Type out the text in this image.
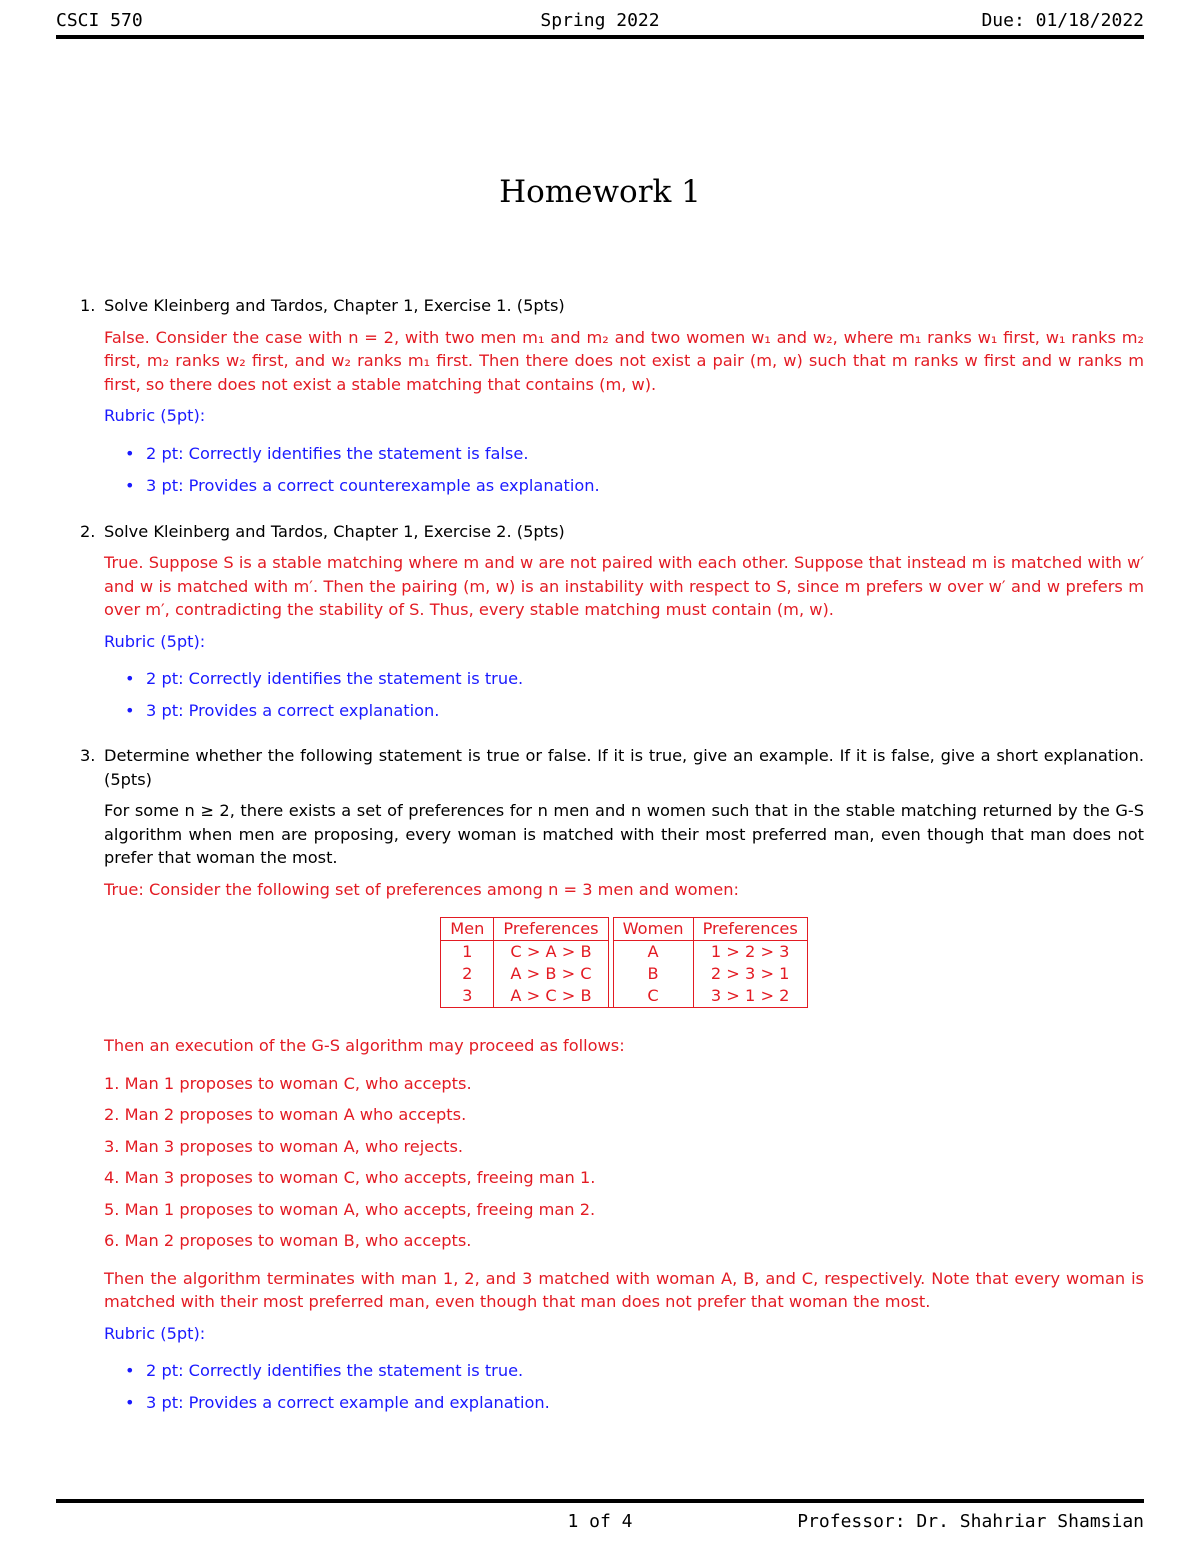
CSCI 570	Spring 2022	Due: 01/18/2022
Homework 1
1. Solve Kleinberg and Tardos, Chapter 1, Exercise 1. (5pts)

False. Consider the case with n = 2, with two men m₁ and m₂ and two women w₁ and w₂, where m₁ ranks w₁ first, w₁ ranks m₂ first, m₂ ranks w₂ first, and w₂ ranks m₁ first. Then there does not exist a pair (m, w) such that m ranks w first and w ranks m first, so there does not exist a stable matching that contains (m, w).

Rubric (5pt):

• 2 pt: Correctly identifies the statement is false.
• 3 pt: Provides a correct counterexample as explanation.
2. Solve Kleinberg and Tardos, Chapter 1, Exercise 2. (5pts)

True. Suppose S is a stable matching where m and w are not paired with each other. Suppose that instead m is matched with w′ and w is matched with m′. Then the pairing (m, w) is an instability with respect to S, since m prefers w over w′ and w prefers m over m′, contradicting the stability of S. Thus, every stable matching must contain (m, w).

Rubric (5pt):

• 2 pt: Correctly identifies the statement is true.
• 3 pt: Provides a correct explanation.
3. Determine whether the following statement is true or false. If it is true, give an example. If it is false, give a short explanation. (5pts)

For some n ≥ 2, there exists a set of preferences for n men and n women such that in the stable matching returned by the G-S algorithm when men are proposing, every woman is matched with their most preferred man, even though that man does not prefer that woman the most.

True: Consider the following set of preferences among n = 3 men and women:

Men	Preferences		Women	Preferences
1	C > A > B		A	1 > 2 > 3
2	A > B > C		B	2 > 3 > 1
3	A > C > B		C	3 > 1 > 2

Then an execution of the G-S algorithm may proceed as follows:

1. Man 1 proposes to woman C, who accepts.
2. Man 2 proposes to woman A who accepts.
3. Man 3 proposes to woman A, who rejects.
4. Man 3 proposes to woman C, who accepts, freeing man 1.
5. Man 1 proposes to woman A, who accepts, freeing man 2.
6. Man 2 proposes to woman B, who accepts.

Then the algorithm terminates with man 1, 2, and 3 matched with woman A, B, and C, respectively. Note that every woman is matched with their most preferred man, even though that man does not prefer that woman the most.

Rubric (5pt):

• 2 pt: Correctly identifies the statement is true.
• 3 pt: Provides a correct example and explanation.
1 of 4	Professor: Dr. Shahriar Shamsian
